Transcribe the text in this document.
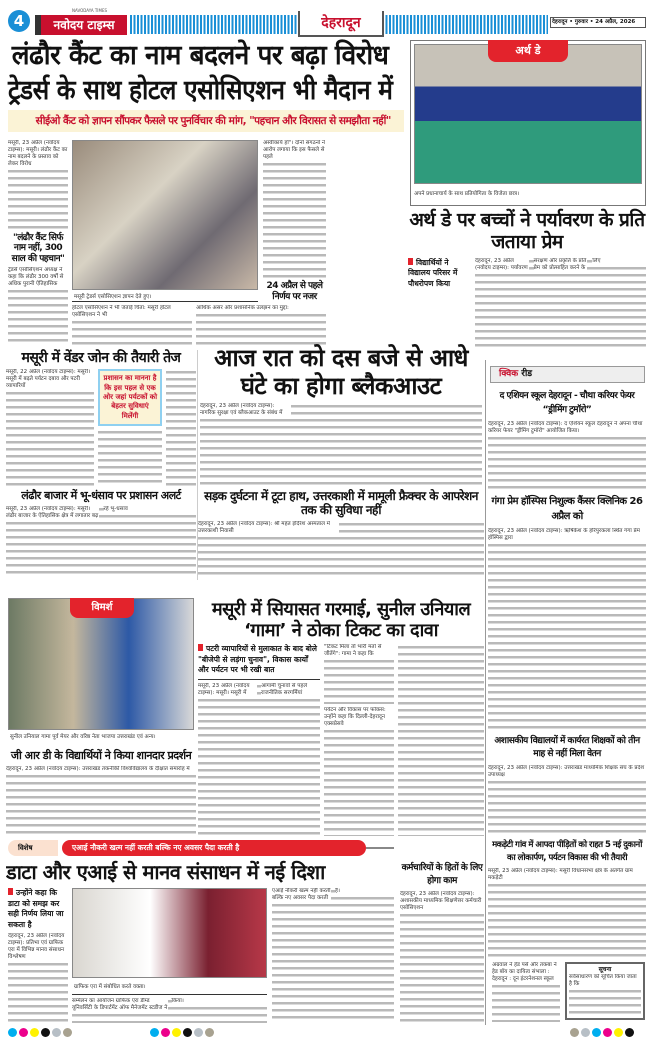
4
NAVODAYA TIMES
नवोदय टाइम्स	देहरादून	देहरादून • गुरुवार • 24 अप्रैल, 2026
लंढौर कैंट का नाम बदलने पर बढ़ा विरोध
ट्रेडर्स के साथ होटल एसोसिएशन भी मैदान में
सीईओ कैंट को ज्ञापन सौंपकर फैसले पर पुनर्विचार की मांग, "पहचान और विरासत से समझौता नहीं"
मसूरी, 23 अप्रैल (नवोदय टाइम्स): मसूरी। लंढौर कैंट का नाम बदलने के प्रस्ताव को लेकर विरोध
"लंढौर कैंट सिर्फ नाम नहीं, 300 साल की पहचान"
ट्रेडर्स एसोसिएशन अध्यक्ष ने कहा कि लंढौर 300 वर्षों से अधिक पुरानी ऐतिहासिक
मसूरी ट्रेडर्स एसोसिएशन ज्ञापन देते हुए।
अस्वीकार्य हो"। दोनों संगठनों ने आरोप लगाया कि इस फैसले से पहले
24 अप्रैल से पहले निर्णय पर नजर
होटल एसोसिएशन ने भी जताई चिंता: मसूरी होटल एसोसिएशन ने भी
आर्थिक असर और प्रशासनिक उलझन का मुद्दा:
अपने प्रधानाचार्य के साथ प्रतियोगिता के विजेता छात्र।
अर्थ डे
अर्थ डे पर बच्चों ने पर्यावरण के प्रति जताया प्रेम
विद्यार्थियों ने विद्यालय परिसर में पौधरोपण किया
देहरादून, 23 अप्रैल (नवोदय टाइम्स): पर्यावरण संरक्षण और प्रकृति के प्रति प्रेम को प्रोत्साहित करने के लिए
मसूरी में वेंडर जोन की तैयारी तेज
मसूरी, 22 अप्रैल (नवोदय टाइम्स): मसूरी। मसूरी में बढ़ते पर्यटन दबाव और पटरी व्यापारियों
प्रशासन का मानना है कि इस पहल से एक ओर जहां पर्यटकों को बेहतर सुविधाएं मिलेंगी
लंढौर बाजार में भू-धंसाव पर प्रशासन अलर्ट
मसूरी, 23 अप्रैल (नवोदय टाइम्स): मसूरी। लंढौर बाजार के ऐतिहासिक क्षेत्र में लगातार बढ़ रहे भू-धंसाव
आज रात को दस बजे से आधे घंटे का होगा ब्लैकआउट
देहरादून, 23 अप्रैल (नवोदय टाइम्स): नागरिक सुरक्षा एवं ब्लैकआउट के संबंध में
सड़क दुर्घटना में टूटा हाथ, उत्तरकाशी में मामूली फ्रैक्चर के आपरेशन तक की सुविधा नहीं
देहरादून, 23 अप्रैल (नवोदय टाइम्स): श्री महंत इंदिरेश अस्पताल में उत्तरकाशी निवासी
क्विक रीड
द एशियन स्कूल देहरादून - चौथा करियर फेयर “ड्रीमिंग टुमॉरो”
देहरादून, 23 अप्रैल (नवोदय टाइम्स): द एशियन स्कूल देहरादून ने अपना चौथा करियर फेयर "ड्रीमिंग टुमॉरो" आयोजित किया।
गंगा प्रेम हॉस्पिस निशुल्क कैंसर क्लिनिक 26 अप्रैल को
देहरादून, 23 अप्रैल (नवोदय टाइम्स): ऋषिकेश के हरिपुरकलां स्थित गंगा प्रेम हॉस्पिस द्वारा
अशासकीय विद्यालयों में कार्यरत शिक्षकों को तीन माह से नहीं मिला वेतन
देहरादून, 23 अप्रैल (नवोदय टाइम्स): उत्तराखंड माध्यमिक शिक्षक संघ के प्रदेश उपाध्यक्ष
मकड़ेटी गांव में आपदा पीड़ितों को राहत 5 नई दुकानों का लोकार्पण, पर्यटन विकास की भी तैयारी
मसूरी, 23 अप्रैल (नवोदय टाइम्स): मसूरी विधानसभा क्षेत्र के अंतर्गत ग्राम मकड़ेटी
अग्रवाल ने हेड पर्स और तकबा ने हेड बॉय का दायित्व संभाला : देहरादून : दून इंटरनेशनल स्कूल
सूचना
सर्वसाधारण को सूचित किया जाता है कि
विमर्श
सुनील उनियाल गामा पूर्व मेयर और वरिष्ठ नेता भाजपा उत्तराखंड एवं अन्य।
मसूरी में सियासत गरमाई, सुनील उनियाल ‘गामा’ ने ठोका टिकट का दावा
पटरी व्यापारियों से मुलाकात के बाद बोले "बीजेपी से लड़ंगा चुनाव", विकास कार्यों और पर्यटन पर भी रखी बात
मसूरी, 23 अप्रैल (नवोदय टाइम्स): मसूरी। मसूरी में आगामी चुनावों से पहले राजनीतिक सरगर्मियां
"टिकट मिला तो भारी मतों से जीतेंगे": गामा ने कहा कि
पर्यटन और विकास पर फोकस: उन्होंने कहा कि दिल्ली-देहरादून एक्सप्रेसवे
जी आर डी के विद्यार्थियों ने किया शानदार प्रदर्शन
देहरादून, 23 अप्रैल (नवोदय टाइम्स): उत्तराखंड तकनीकी विश्वविद्यालय के दीक्षांत समारोह में
कर्मचारियों के हितों के लिए होगा काम
देहरादून, 23 अप्रैल (नवोदय टाइम्स): अशासकीय माध्यमिक शिक्षणेत्तर कर्मचारी एसोसिएशन
विशेष	एआई नौकरी खत्म नहीं करती बल्कि नए अवसर पैदा करती है
डाटा और एआई से मानव संसाधन में नई दिशा
उन्होंने कहा कि डाटा को समझ कर सही निर्णय लिया जा सकता है
देहरादून, 23 अप्रैल (नवोदय टाइम्स): प्रतिभा एवं ग्राफिक एरा में विभिन्न मानव संसाधन विश्लेषण
ग्राफिक एरा में संबोधित करते वक्ता।
एआई नौकरी खत्म नहीं करती बल्कि नए अवसर पैदा करती है।
सम्मेलन का आयोजन ग्राफिक एरा डीम्ड यूनिवर्सिटी के डिपार्टमेंट ऑफ मैनेजमेंट स्टडीज ने किया।
